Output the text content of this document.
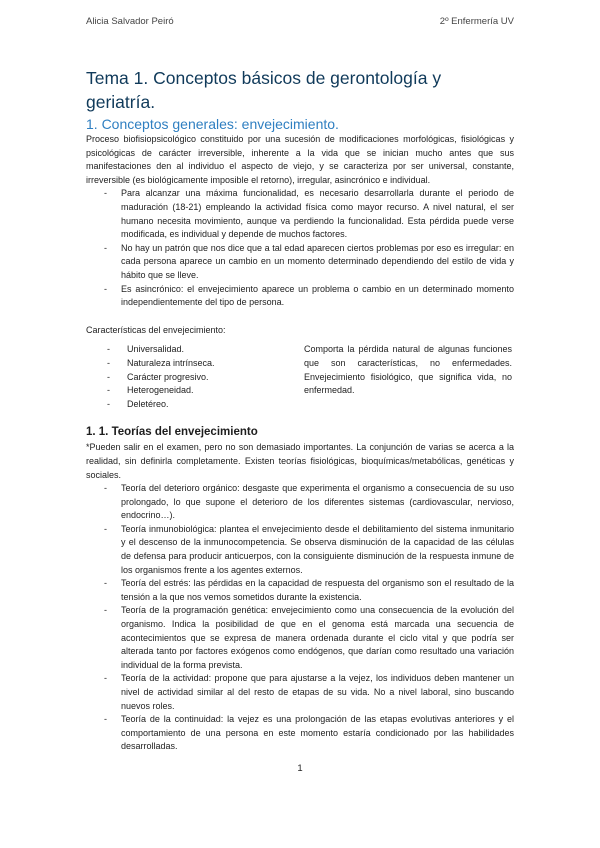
Alicia Salvador Peiró	2º Enfermería UV
Tema 1. Conceptos básicos de gerontología y geriatría.
1. Conceptos generales: envejecimiento.

Proceso biofisiopsicológico constituido por una sucesión de modificaciones morfológicas, fisiológicas y psicológicas de carácter irreversible, inherente a la vida que se inician mucho antes que sus manifestaciones den al individuo el aspecto de viejo, y se caracteriza por ser universal, constante, irreversible (es biológicamente imposible el retorno), irregular, asincrónico e individual.

- Para alcanzar una máxima funcionalidad, es necesario desarrollarla durante el periodo de maduración (18-21) empleando la actividad física como mayor recurso. A nivel natural, el ser humano necesita movimiento, aunque va perdiendo la funcionalidad. Esta pérdida puede verse modificada, es individual y depende de muchos factores.
- No hay un patrón que nos dice que a tal edad aparecen ciertos problemas por eso es irregular: en cada persona aparece un cambio en un momento determinado dependiendo del estilo de vida y hábito que se lleve.
- Es asincrónico: el envejecimiento aparece un problema o cambio en un determinado momento independientemente del tipo de persona.

Características del envejecimiento:

- Universalidad.
- Naturaleza intrínseca.
- Carácter progresivo.
- Heterogeneidad.
- Deletéreo.
Comporta la pérdida natural de algunas funciones que son características, no enfermedades. Envejecimiento fisiológico, que significa vida, no enfermedad.
1. 1. Teorías del envejecimiento

*Pueden salir en el examen, pero no son demasiado importantes. La conjunción de varias se acerca a la realidad, sin definirla completamente. Existen teorías fisiológicas, bioquímicas/metabólicas, genéticas y sociales.

- Teoría del deterioro orgánico: desgaste que experimenta el organismo a consecuencia de su uso prolongado, lo que supone el deterioro de los diferentes sistemas (cardiovascular, nervioso, endocrino…).
- Teoría inmunobiológica: plantea el envejecimiento desde el debilitamiento del sistema inmunitario y el descenso de la inmunocompetencia. Se observa disminución de la capacidad de las células de defensa para producir anticuerpos, con la consiguiente disminución de la respuesta inmune de los organismos frente a los agentes externos.
- Teoría del estrés: las pérdidas en la capacidad de respuesta del organismo son el resultado de la tensión a la que nos vemos sometidos durante la existencia.
- Teoría de la programación genética: envejecimiento como una consecuencia de la evolución del organismo. Indica la posibilidad de que en el genoma está marcada una secuencia de acontecimientos que se expresa de manera ordenada durante el ciclo vital y que podría ser alterada tanto por factores exógenos como endógenos, que darían como resultado una variación individual de la forma prevista.
- Teoría de la actividad: propone que para ajustarse a la vejez, los individuos deben mantener un nivel de actividad similar al del resto de etapas de su vida. No a nivel laboral, sino buscando nuevos roles.
- Teoría de la continuidad: la vejez es una prolongación de las etapas evolutivas anteriores y el comportamiento de una persona en este momento estaría condicionado por las habilidades desarrolladas.
1
